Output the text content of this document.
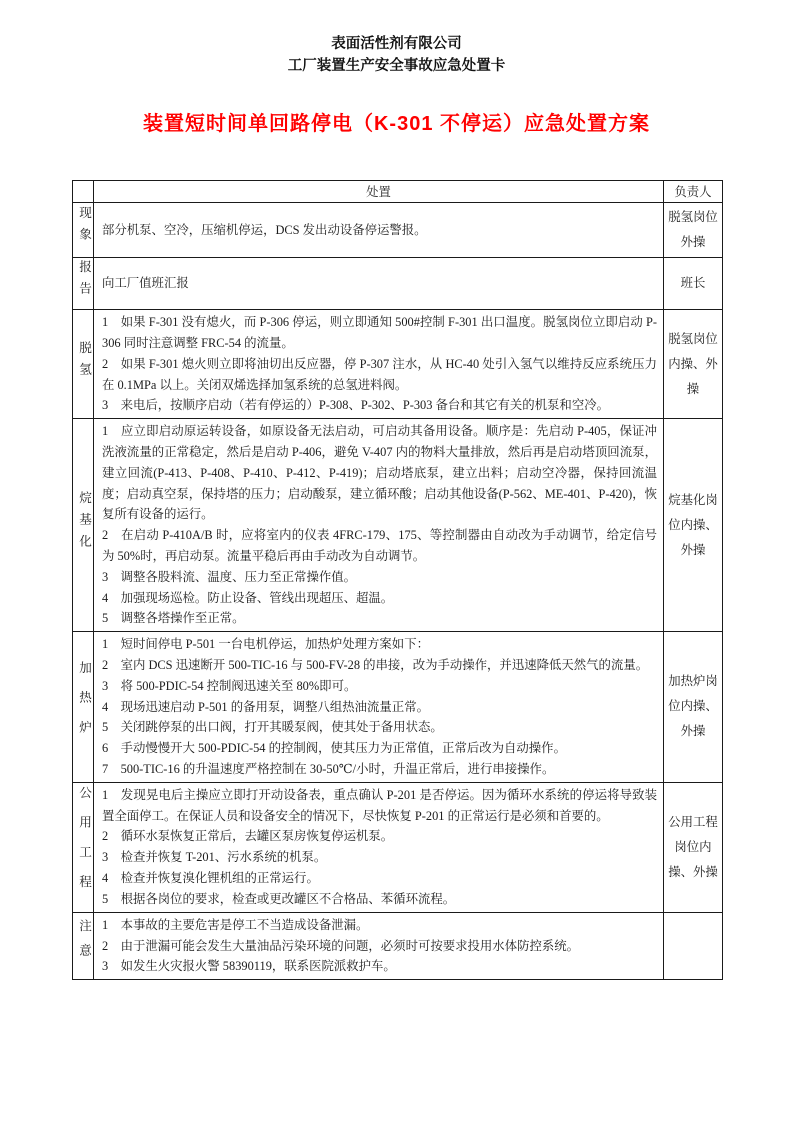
表面活性剂有限公司
工厂装置生产安全事故应急处置卡
装置短时间单回路停电（K-301 不停运）应急处置方案
	处置	负责人
现象	部分机泵、空冷，压缩机停运，DCS 发出动设备停运警报。	脱氢岗位外操
报告	向工厂值班汇报	班长
脱氢	1　如果 F-301 没有熄火，而 P-306 停运，则立即通知 500#控制 F-301 出口温度。脱氢岗位立即启动 P-306 同时注意调整 FRC-54 的流量。
2　如果 F-301 熄火则立即将油切出反应器，停 P-307 注水，从 HC-40 处引入氢气以维持反应系统压力在 0.1MPa 以上。关闭双烯选择加氢系统的总氢进料阀。
3　来电后，按顺序启动（若有停运的）P-308、P-302、P-303 备台和其它有关的机泵和空冷。	脱氢岗位内操、外操
烷基化	1　应立即启动原运转设备，如原设备无法启动，可启动其备用设备。顺序是：先启动 P-405，保证冲洗液流量的正常稳定，然后是启动 P-406，避免 V-407 内的物料大量排放，然后再是启动塔顶回流泵，建立回流(P-413、P-408、P-410、P-412、P-419)；启动塔底泵，建立出料；启动空冷器，保持回流温度；启动真空泵，保持塔的压力；启动酸泵，建立循环酸；启动其他设备(P-562、ME-401、P-420)，恢复所有设备的运行。
2　在启动 P-410A/B 时，应将室内的仪表 4FRC-179、175、等控制器由自动改为手动调节，给定信号为 50%时，再启动泵。流量平稳后再由手动改为自动调节。
3　调整各股料流、温度、压力至正常操作值。
4　加强现场巡检。防止设备、管线出现超压、超温。
5　调整各塔操作至正常。	烷基化岗位内操、外操
加热炉	
1　短时间停电 P-501 一台电机停运，加热炉处理方案如下：
2　室内 DCS 迅速断开 500-TIC-16 与 500-FV-28 的串接，改为手动操作，并迅速降低天然气的流量。
3　将 500-PDIC-54 控制阀迅速关至 80%即可。
4　现场迅速启动 P-501 的备用泵，调整八组热油流量正常。
5　关闭跳停泵的出口阀，打开其暖泵阀，使其处于备用状态。
6　手动慢慢开大 500-PDIC-54 的控制阀，使其压力为正常值，正常后改为自动操作。
7　500-TIC-16 的升温速度严格控制在 30-50℃/小时，升温正常后，进行串接操作。
	加热炉岗位内操、外操
公用工程	1　发现晃电后主操应立即打开动设备表，重点确认 P-201 是否停运。因为循环水系统的停运将导致装置全面停工。在保证人员和设备安全的情况下，尽快恢复 P-201 的正常运行是必须和首要的。
2　循环水泵恢复正常后，去罐区泵房恢复停运机泵。
3　检查并恢复 T-201、污水系统的机泵。
4　检查并恢复溴化锂机组的正常运行。
5　根据各岗位的要求，检查或更改罐区不合格品、苯循环流程。	公用工程岗位内操、外操
注意	1　本事故的主要危害是停工不当造成设备泄漏。
2　由于泄漏可能会发生大量油品污染环境的问题，必须时可按要求投用水体防控系统。
3　如发生火灾报火警 58390119，联系医院派救护车。	
